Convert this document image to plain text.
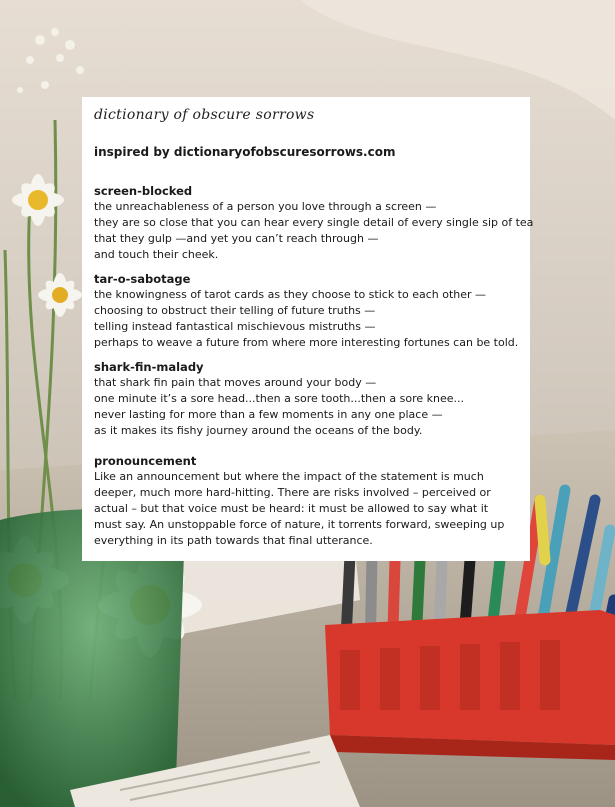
dictionary of obscure sorrows
inspired by dictionaryofobscuresorrows.com
screen-blocked
the unreachableness of a person you love through a screen —
they are so close that you can hear every single detail of every single sip of tea
that they gulp —and yet you can’t reach through —
and touch their cheek.
tar-o-sabotage
the knowingness of tarot cards as they choose to stick to each other —
choosing to obstruct their telling of future truths —
telling instead fantastical mischievous mistruths —
perhaps to weave a future from where more interesting fortunes can be told.
shark-fin-malady
that shark fin pain that moves around your body —
one minute it’s a sore head...then a sore tooth...then a sore knee...
never lasting for more than a few moments in any one place —
as it makes its fishy journey around the oceans of the body.
pronouncement
Like an announcement but where the impact of the statement is much deeper, much more hard-hitting. There are risks involved – perceived or actual – but that voice must be heard: it must be allowed to say what it must say. An unstoppable force of nature, it torrents forward, sweeping up everything in its path towards that final utterance.
